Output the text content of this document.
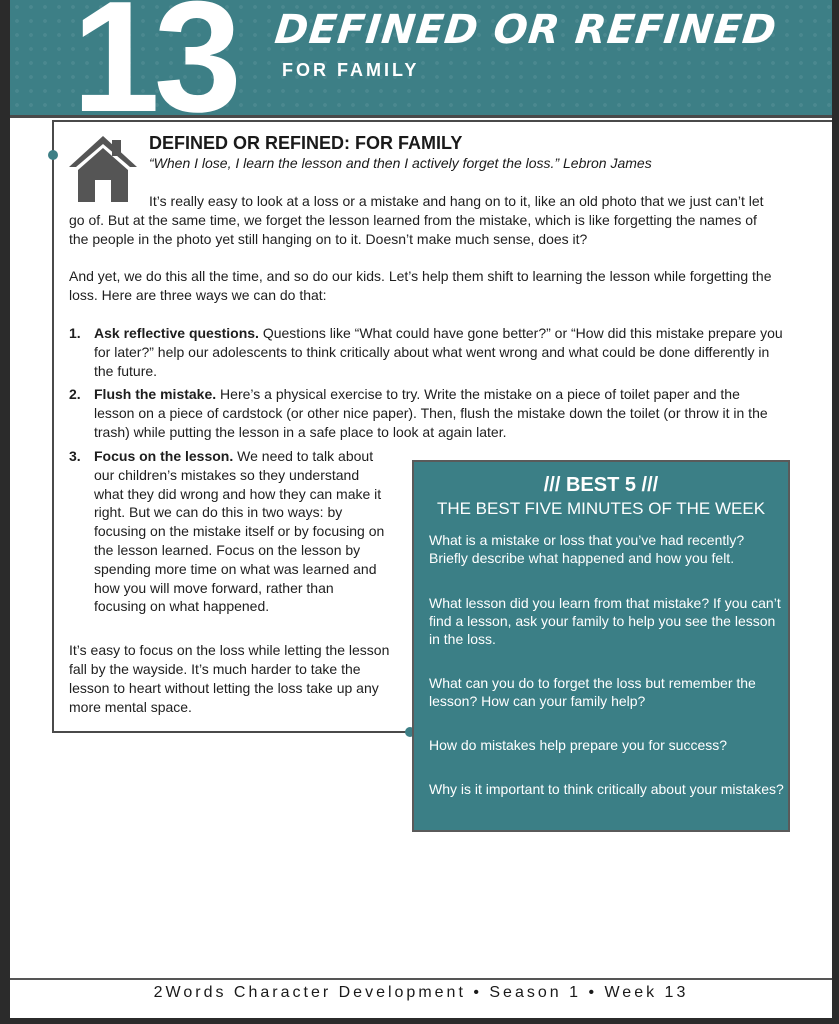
13 DEFINED OR REFINED
FOR FAMILY
DEFINED OR REFINED: FOR FAMILY
“When I lose, I learn the lesson and then I actively forget the loss.” Lebron James
It’s really easy to look at a loss or a mistake and hang on to it, like an old photo that we just can’t let go of. But at the same time, we forget the lesson learned from the mistake, which is like forgetting the names of the people in the photo yet still hanging on to it. Doesn’t make much sense, does it?
And yet, we do this all the time, and so do our kids. Let’s help them shift to learning the lesson while forgetting the loss. Here are three ways we can do that:
1. Ask reflective questions. Questions like “What could have gone better?” or “How did this mistake prepare you for later?” help our adolescents to think critically about what went wrong and what could be done differently in the future.
2. Flush the mistake. Here’s a physical exercise to try. Write the mistake on a piece of toilet paper and the lesson on a piece of cardstock (or other nice paper). Then, flush the mistake down the toilet (or throw it in the trash) while putting the lesson in a safe place to look at again later.
3. Focus on the lesson. We need to talk about our children’s mistakes so they understand what they did wrong and how they can make it right. But we can do this in two ways: by focusing on the mistake itself or by focusing on the lesson learned. Focus on the lesson by spending more time on what was learned and how you will move forward, rather than focusing on what happened.
It’s easy to focus on the loss while letting the lesson fall by the wayside. It’s much harder to take the lesson to heart without letting the loss take up any more mental space.
/// BEST 5 ///
THE BEST FIVE MINUTES OF THE WEEK
What is a mistake or loss that you’ve had recently? Briefly describe what happened and how you felt.
What lesson did you learn from that mistake? If you can’t find a lesson, ask your family to help you see the lesson in the loss.
What can you do to forget the loss but remember the lesson? How can your family help?
How do mistakes help prepare you for success?
Why is it important to think critically about your mistakes?
2Words Character Development • Season 1 • Week 13
